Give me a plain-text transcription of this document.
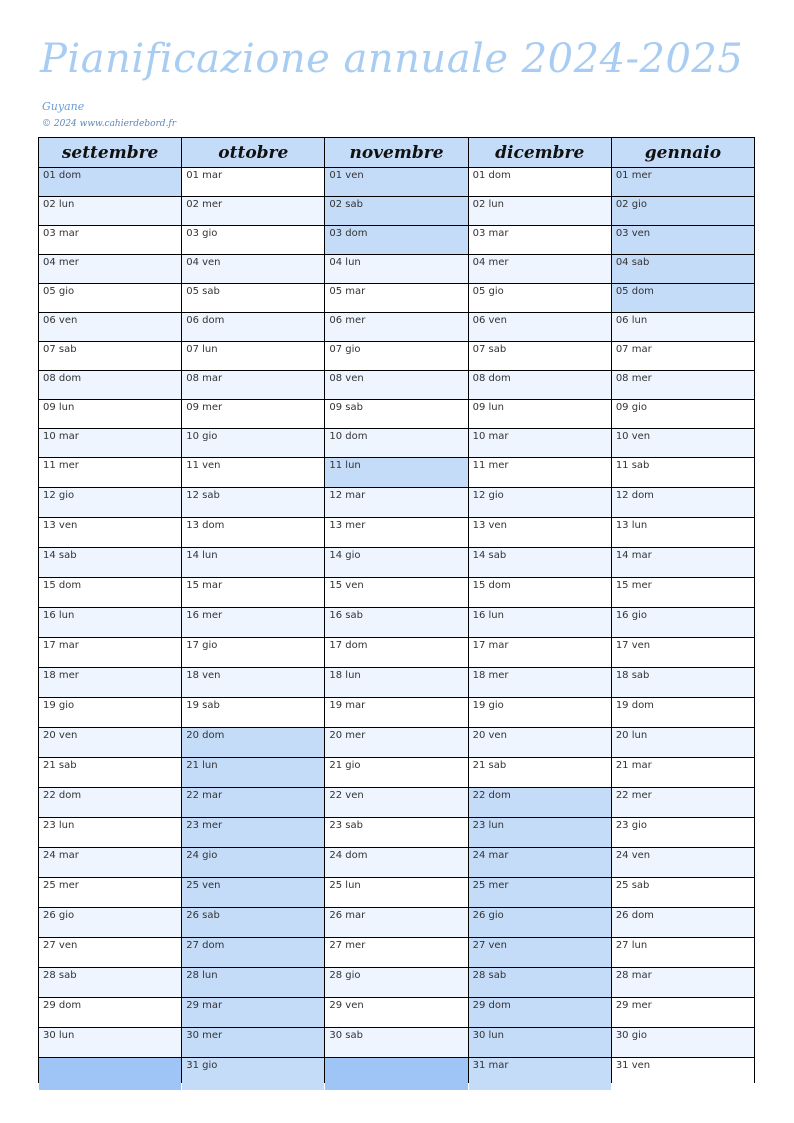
Pianificazione annuale 2024-2025
Guyane
© 2024 www.cahierdebord.fr
settembre
01 dom
02 lun
03 mar
04 mer
05 gio
06 ven
07 sab
08 dom
09 lun
10 mar
11 mer
12 gio
13 ven
14 sab
15 dom
16 lun
17 mar
18 mer
19 gio
20 ven
21 sab
22 dom
23 lun
24 mar
25 mer
26 gio
27 ven
28 sab
29 dom
30 lun
ottobre
01 mar
02 mer
03 gio
04 ven
05 sab
06 dom
07 lun
08 mar
09 mer
10 gio
11 ven
12 sab
13 dom
14 lun
15 mar
16 mer
17 gio
18 ven
19 sab
20 dom
21 lun
22 mar
23 mer
24 gio
25 ven
26 sab
27 dom
28 lun
29 mar
30 mer
31 gio
novembre
01 ven
02 sab
03 dom
04 lun
05 mar
06 mer
07 gio
08 ven
09 sab
10 dom
11 lun
12 mar
13 mer
14 gio
15 ven
16 sab
17 dom
18 lun
19 mar
20 mer
21 gio
22 ven
23 sab
24 dom
25 lun
26 mar
27 mer
28 gio
29 ven
30 sab
dicembre
01 dom
02 lun
03 mar
04 mer
05 gio
06 ven
07 sab
08 dom
09 lun
10 mar
11 mer
12 gio
13 ven
14 sab
15 dom
16 lun
17 mar
18 mer
19 gio
20 ven
21 sab
22 dom
23 lun
24 mar
25 mer
26 gio
27 ven
28 sab
29 dom
30 lun
31 mar
gennaio
01 mer
02 gio
03 ven
04 sab
05 dom
06 lun
07 mar
08 mer
09 gio
10 ven
11 sab
12 dom
13 lun
14 mar
15 mer
16 gio
17 ven
18 sab
19 dom
20 lun
21 mar
22 mer
23 gio
24 ven
25 sab
26 dom
27 lun
28 mar
29 mer
30 gio
31 ven
